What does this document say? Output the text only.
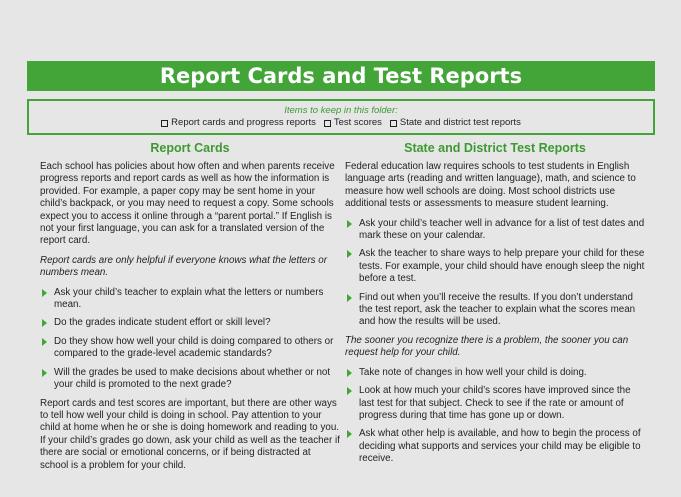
Report Cards and Test Reports
Items to keep in this folder:
Report cards and progress reports Test scores State and district test reports
Report Cards

Each school has policies about how often and when parents receive progress reports and report cards as well as how the information is provided. For example, a paper copy may be sent home in your child’s backpack, or you may need to request a copy. Some schools expect you to access it online through a “parent portal.” If English is not your first language, you can ask for a translated version of the report card.

Report cards are only helpful if everyone knows what the letters or numbers mean.

Ask your child’s teacher to explain what the letters or numbers mean.
Do the grades indicate student effort or skill level?
Do they show how well your child is doing compared to others or compared to the grade-level academic standards?
Will the grades be used to make decisions about whether or not your child is promoted to the next grade?

Report cards and test scores are important, but there are other ways to tell how well your child is doing in school. Pay attention to your child at home when he or she is doing homework and reading to you. If your child’s grades go down, ask your child as well as the teacher if there are social or emotional concerns, or if being distracted at school is a problem for your child.

State and District Test Reports

Federal education law requires schools to test students in English language arts (reading and written language), math, and science to measure how well schools are doing. Most school districts use additional tests or assessments to measure student learning.

Ask your child’s teacher well in advance for a list of test dates and mark these on your calendar.
Ask the teacher to share ways to help prepare your child for these tests. For example, your child should have enough sleep the night before a test.
Find out when you’ll receive the results. If you don’t understand the test report, ask the teacher to explain what the scores mean and how the results will be used.

The sooner you recognize there is a problem, the sooner you can request help for your child.

Take note of changes in how well your child is doing.
Look at how much your child’s scores have improved since the last test for that subject. Check to see if the rate or amount of progress during that time has gone up or down.
Ask what other help is available, and how to begin the process of deciding what supports and services your child may be eligible to receive.
